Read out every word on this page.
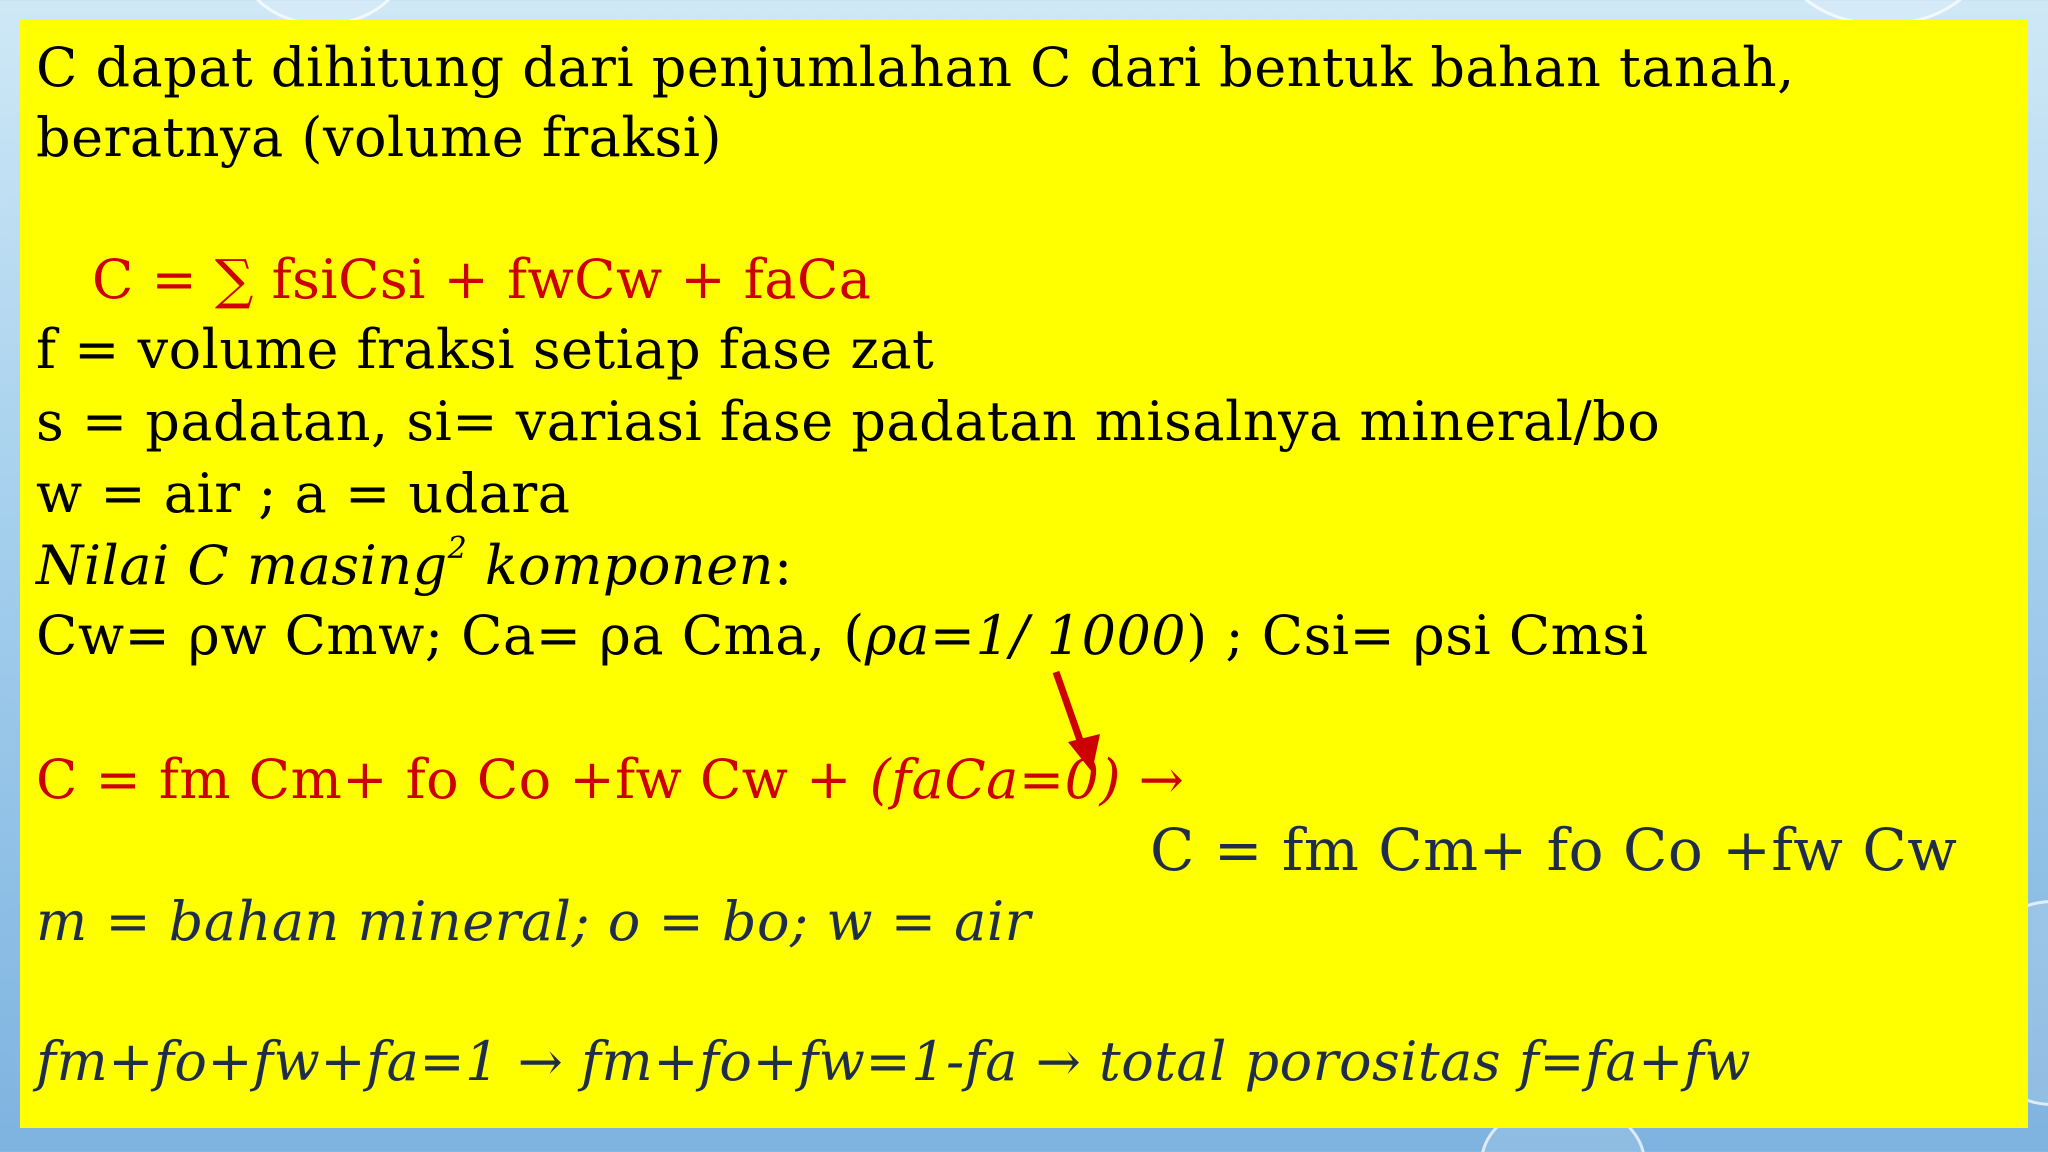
C dapat dihitung dari penjumlahan C dari bentuk bahan tanah,
beratnya (volume fraksi)
C = ∑ fsiCsi + fwCw + faCa
f = volume fraksi setiap fase zat
s = padatan, si= variasi fase padatan misalnya mineral/bo
w = air ; a = udara
Nilai C masing$^2$ komponen:
Cw= ρw Cmw; Ca= ρa Cma, (ρa=1/ 1000) ; Csi= ρsi Cmsi
C = fm Cm+ fo Co +fw Cw + (faCa=0) →
C = fm Cm+ fo Co +fw Cw
m = bahan mineral; o = bo; w = air
fm+fo+fw+fa=1 → fm+fo+fw=1-fa → total porositas f=fa+fw
